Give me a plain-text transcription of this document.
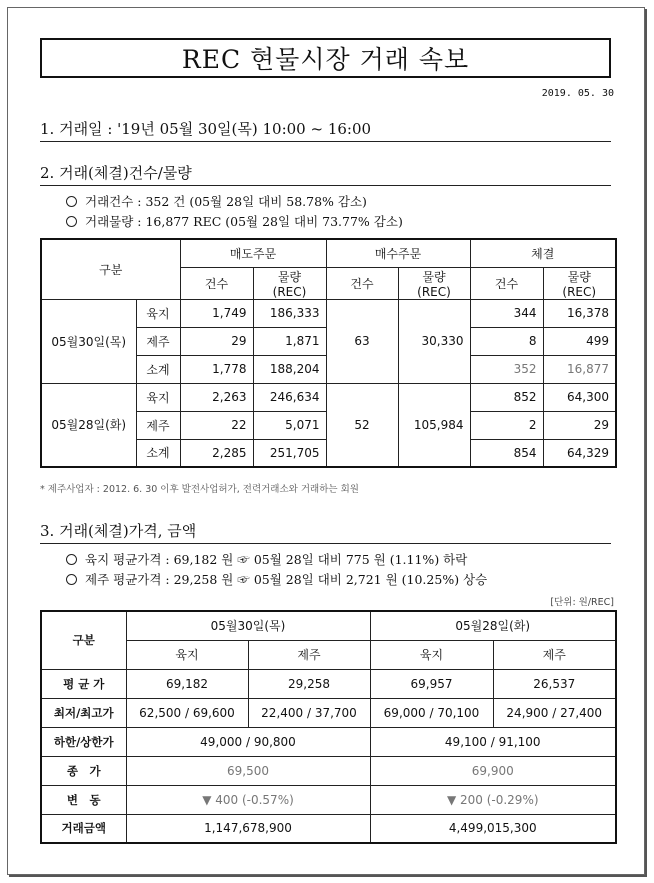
REC 현물시장 거래 속보
2019. 05. 30
1. 거래일 : '19년 05월 30일(목) 10:00 ~ 16:00
2. 거래(체결)건수/물량
거래건수 : 352 건 (05월 28일 대비 58.78% 감소)
거래물량 : 16,877 REC (05월 28일 대비 73.77% 감소)
구분		매도주문		매수주문		체결	
		건수	물량 (REC)	건수	물량 (REC)	건수	물량 (REC)
05월30일(목)	육지	1,749	186,333	63	30,330	344	16,378
	제주	29	1,871			8	499
	소계	1,778	188,204			352	16,877
05월28일(화)	육지	2,263	246,634	52	105,984	852	64,300
	제주	22	5,071			2	29
	소계	2,285	251,705			854	64,329
* 제주사업자 : 2012. 6. 30 이후 발전사업허가, 전력거래소와 거래하는 회원
3. 거래(체결)가격, 금액
육지 평균가격 : 69,182 원 ☞ 05월 28일 대비 775 원 (1.11%) 하락
제주 평균가격 : 29,258 원 ☞ 05월 28일 대비 2,721 원 (10.25%) 상승
[단위: 원/REC]
구분	05월30일(목)		05월28일(화)	
	육지	제주	육지	제주
평 균 가	69,182	29,258	69,957	26,537
최저/최고가	62,500 / 69,600	22,400 / 37,700	69,000 / 70,100	24,900 / 27,400
하한/상한가	49,000 / 90,800		49,100 / 91,100	
종　가	69,500		69,900	
변　동	▼ 400 (-0.57%)		▼ 200 (-0.29%)	
거래금액	1,147,678,900		4,499,015,300	
